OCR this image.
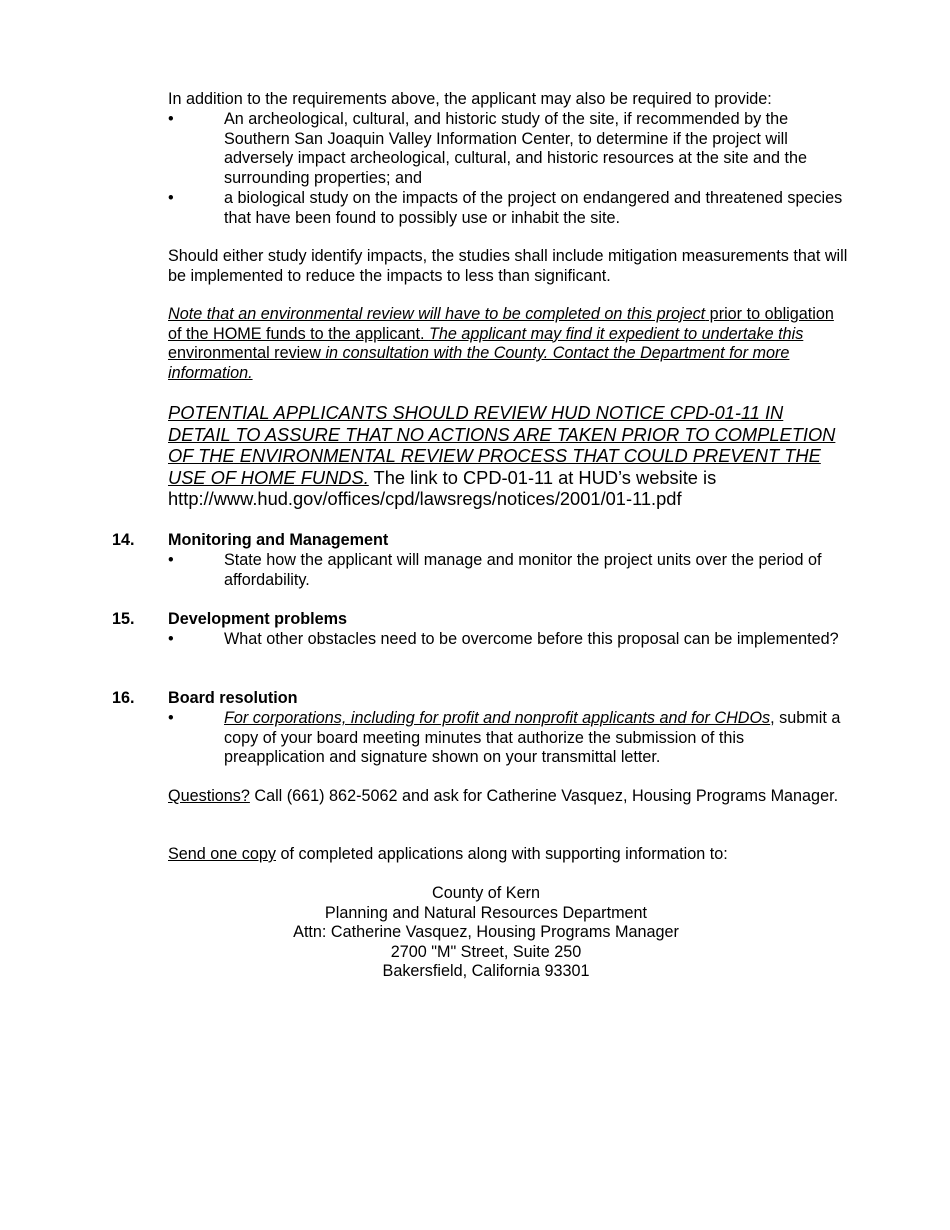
In addition to the requirements above, the applicant may also be required to provide:

•	An archeological, cultural, and historic study of the site, if recommended by the Southern San Joaquin Valley Information Center, to determine if the project will adversely impact archeological, cultural, and historic resources at the site and the surrounding properties; and

•	a biological study on the impacts of the project on endangered and threatened species that have been found to possibly use or inhabit the site.

Should either study identify impacts, the studies shall include mitigation measurements that will be implemented to reduce the impacts to less than significant.

Note that an environmental review will have to be completed on this project prior to obligation of the HOME funds to the applicant. The applicant may find it expedient to undertake this environmental review in consultation with the County. Contact the Department for more information.

POTENTIAL APPLICANTS SHOULD REVIEW HUD NOTICE CPD-01-11 IN DETAIL TO ASSURE THAT NO ACTIONS ARE TAKEN PRIOR TO COMPLETION OF THE ENVIRONMENTAL REVIEW PROCESS THAT COULD PREVENT THE USE OF HOME FUNDS. The link to CPD-01-11 at HUD’s website is http://www.hud.gov/offices/cpd/lawsregs/notices/2001/01-11.pdf

14. Monitoring and Management
•	State how the applicant will manage and monitor the project units over the period of affordability.

15. Development problems
•	What other obstacles need to be overcome before this proposal can be implemented?

16. Board resolution
•	For corporations, including for profit and nonprofit applicants and for CHDOs, submit a copy of your board meeting minutes that authorize the submission of this preapplication and signature shown on your transmittal letter.

Questions? Call (661) 862-5062 and ask for Catherine Vasquez, Housing Programs Manager.

Send one copy of completed applications along with supporting information to:

County of Kern
Planning and Natural Resources Department
Attn: Catherine Vasquez, Housing Programs Manager
2700 "M" Street, Suite 250
Bakersfield, California 93301
